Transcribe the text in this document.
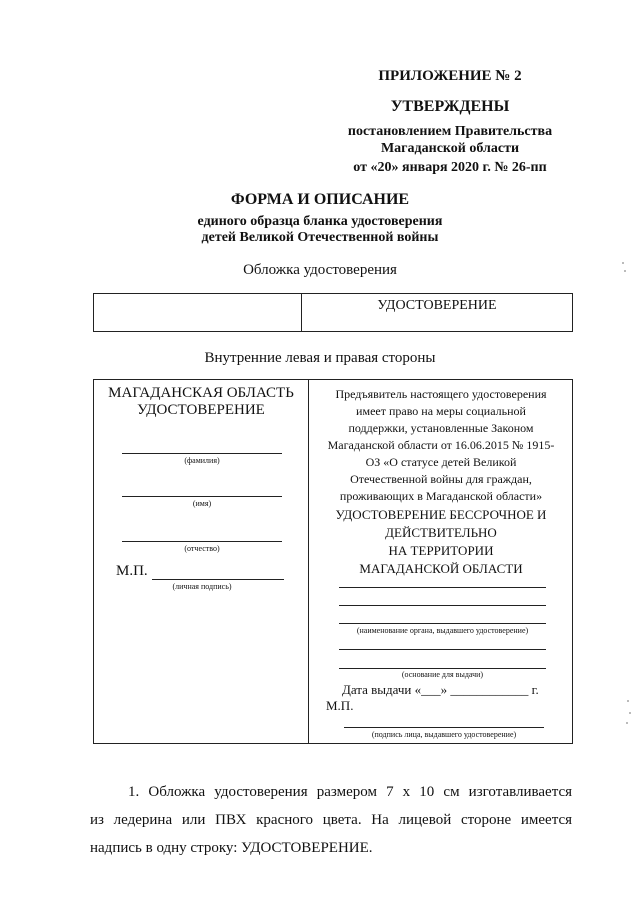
ПРИЛОЖЕНИЕ № 2
УТВЕРЖДЕНЫ
постановлением Правительства
Магаданской области
от «20» января 2020 г. № 26-пп
ФОРМА И ОПИСАНИЕ
единого образца бланка удостоверения
детей Великой Отечественной войны
Обложка удостоверения
УДОСТОВЕРЕНИЕ
Внутренние левая и правая стороны
МАГАДАНСКАЯ ОБЛАСТЬ
УДОСТОВЕРЕНИЕ
(фамилия)
(имя)
(отчество)
М.П.
(личная подпись)
Предъявитель настоящего удостоверения
имеет право на меры социальной
поддержки, установленные Законом
Магаданской области от 16.06.2015 № 1915-
ОЗ «О статусе детей Великой
Отечественной войны для граждан,
проживающих в Магаданской области»
УДОСТОВЕРЕНИЕ БЕССРОЧНОЕ И
ДЕЙСТВИТЕЛЬНО
НА ТЕРРИТОРИИ
МАГАДАНСКОЙ ОБЛАСТИ
(наименование органа, выдавшего удостоверение)
(основание для выдачи)
Дата выдачи «___» ____________ г.
М.П.
(подпись лица, выдавшего удостоверение)
1. Обложка удостоверения размером 7 х 10 см изготавливается
из ледерина или ПВХ красного цвета. На лицевой стороне имеется
надпись в одну строку: УДОСТОВЕРЕНИЕ.
